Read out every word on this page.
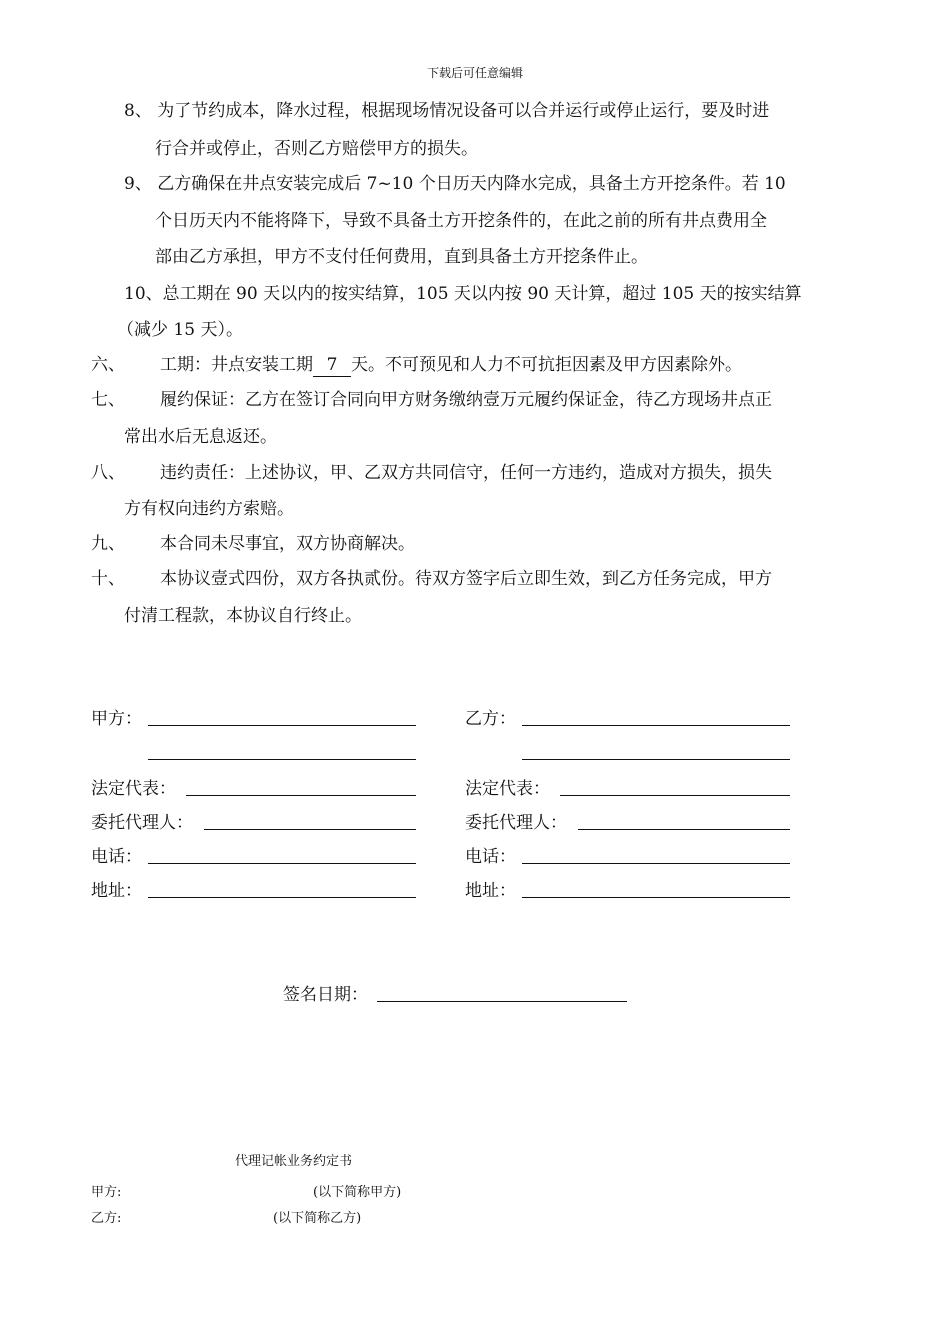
下载后可任意编辑
8、 为了节约成本，降水过程，根据现场情况设备可以合并运行或停止运行，要及时进
行合并或停止，否则乙方赔偿甲方的损失。
9、 乙方确保在井点安装完成后 7~10 个日历天内降水完成，具备土方开挖条件。若 10
个日历天内不能将降下，导致不具备土方开挖条件的，在此之前的所有井点费用全
部由乙方承担，甲方不支付任何费用，直到具备土方开挖条件止。
10、总工期在 90 天以内的按实结算，105 天以内按 90 天计算，超过 105 天的按实结算
（减少 15 天）。
六、 工期：井点安装工期 7 天。不可预见和人力不可抗拒因素及甲方因素除外。
七、 履约保证：乙方在签订合同向甲方财务缴纳壹万元履约保证金，待乙方现场井点正
常出水后无息返还。
八、 违约责任：上述协议，甲、乙双方共同信守，任何一方违约，造成对方损失，损失
方有权向违约方索赔。
九、 本合同未尽事宜，双方协商解决。
十、 本协议壹式四份，双方各执贰份。待双方签字后立即生效，到乙方任务完成，甲方
付清工程款，本协议自行终止。
甲方：
法定代表：
委托代理人：
电话：
地址：
乙方：
法定代表：
委托代理人：
电话：
地址：
签名日期：
代理记帐业务约定书
甲方:	(以下简称甲方)
乙方:	(以下简称乙方)
